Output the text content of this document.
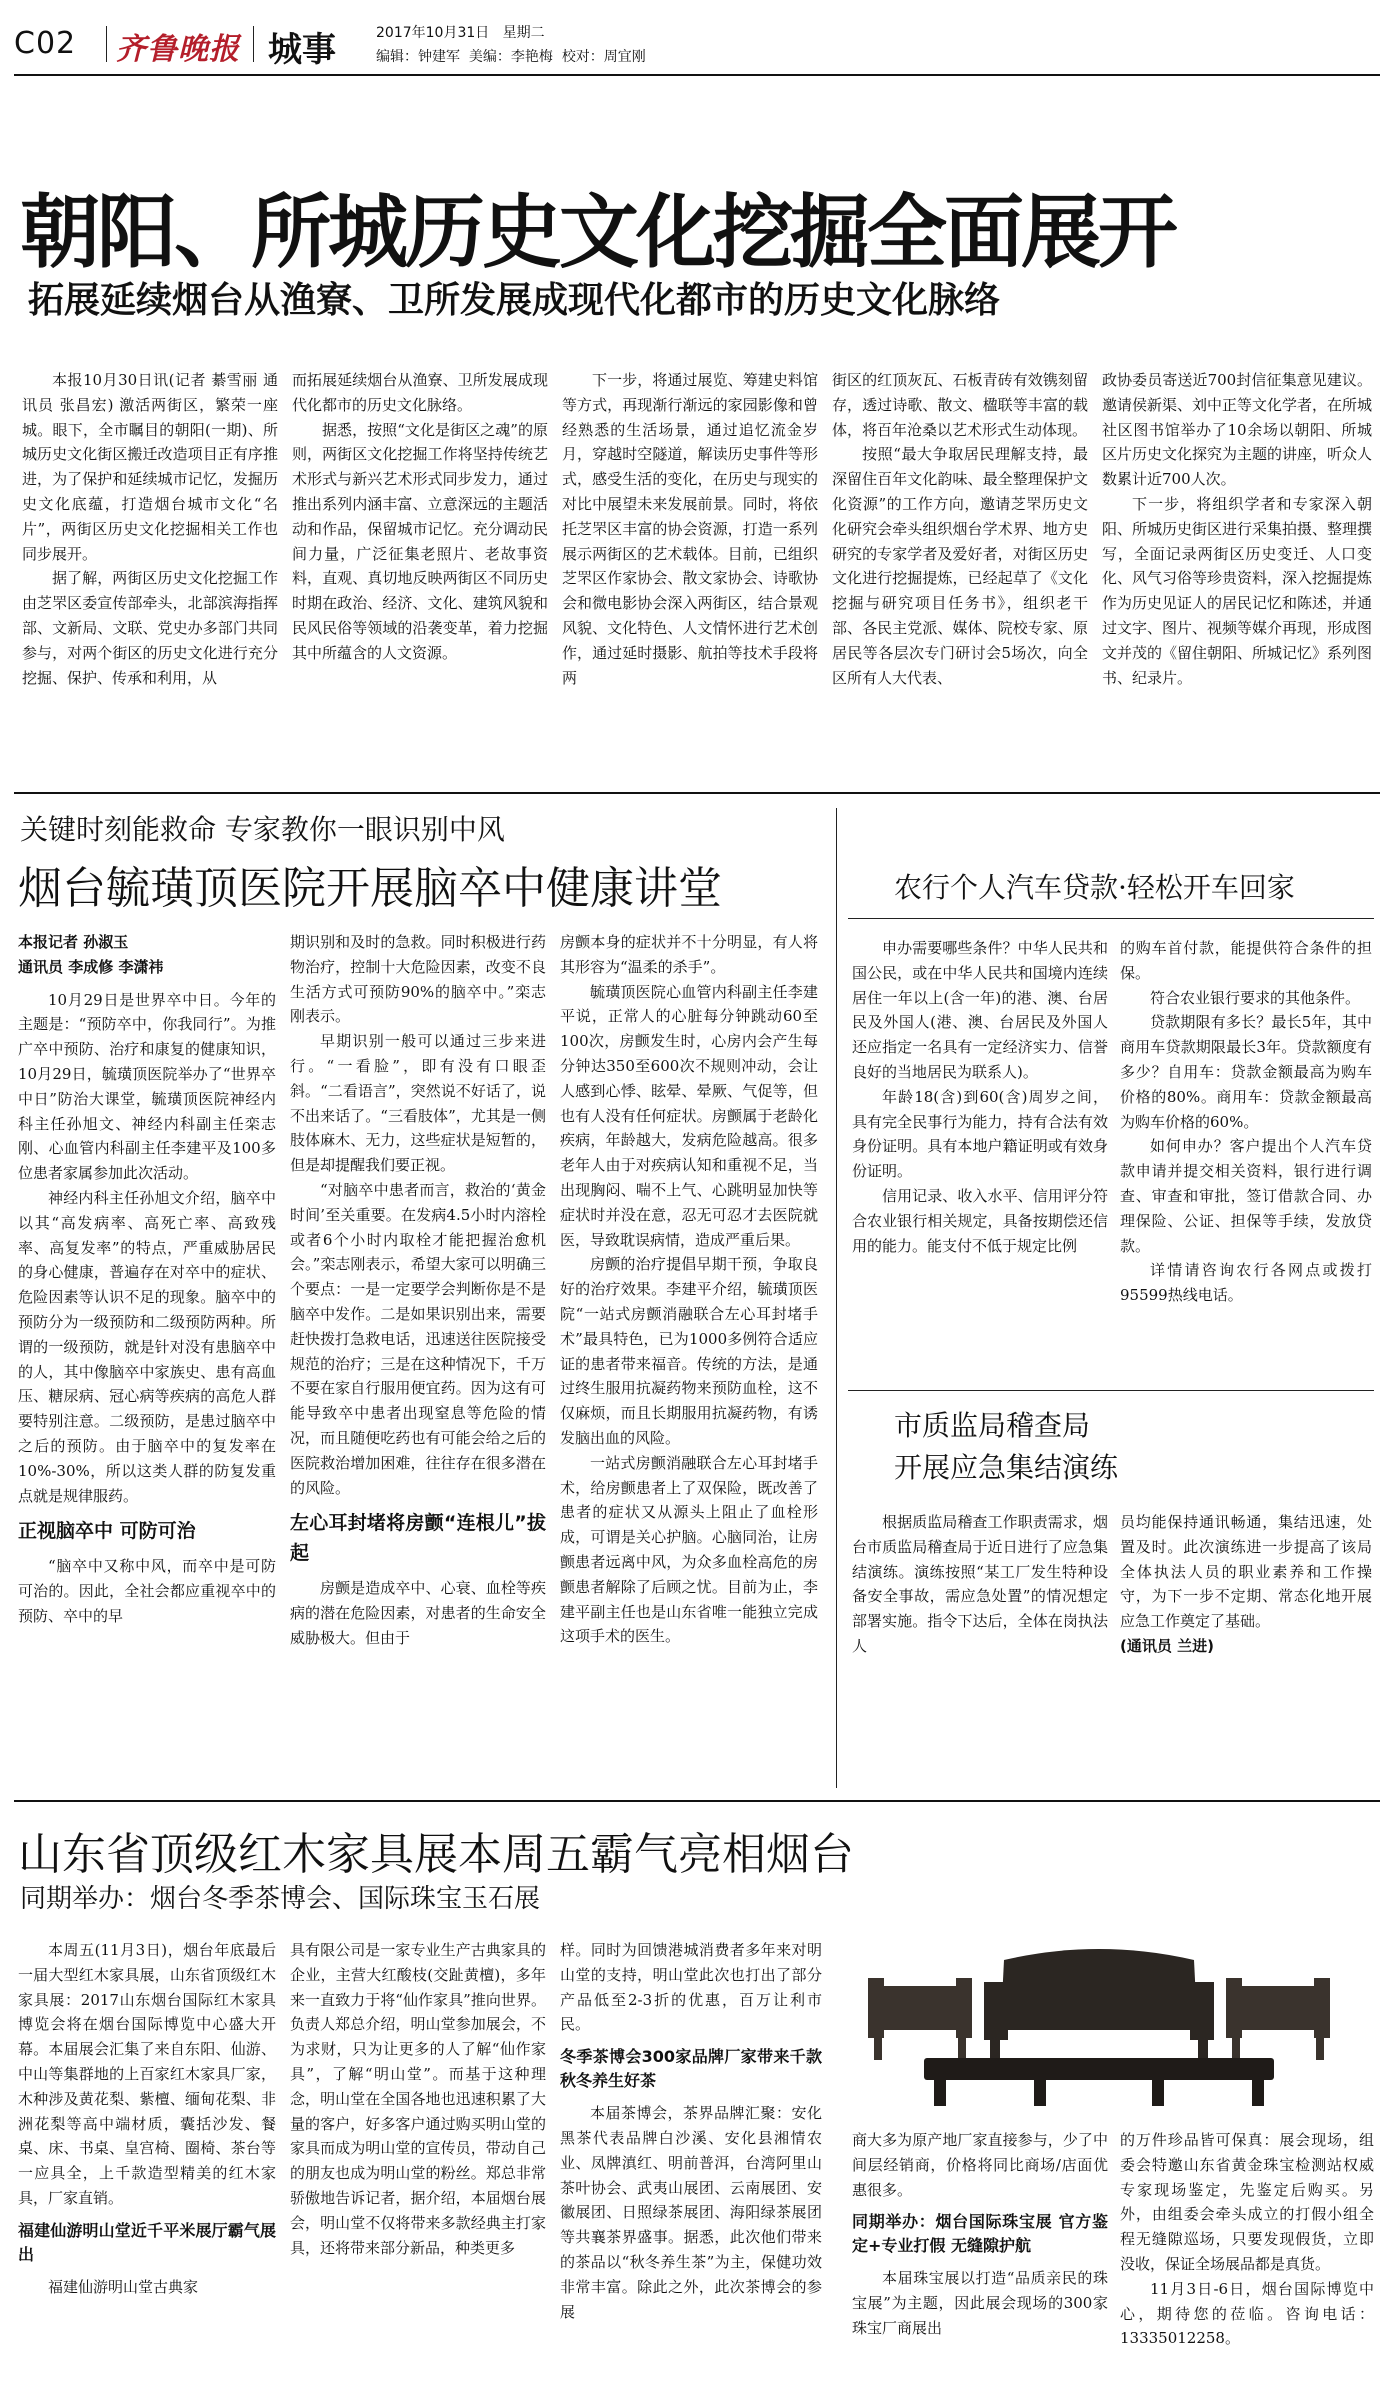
C02 齐鲁晚报 城事	2017年10月31日 星期二
编辑：钟建军 美编：李艳梅 校对：周宜刚
朝阳、所城历史文化挖掘全面展开
拓展延续烟台从渔寮、卫所发展成现代化都市的历史文化脉络

本报10月30日讯(记者 綦雪丽 通讯员 张昌宏) 激活两街区，繁荣一座城。眼下，全市瞩目的朝阳(一期)、所城历史文化街区搬迁改造项目正有序推进，为了保护和延续城市记忆，发掘历史文化底蕴，打造烟台城市文化“名片”，两街区历史文化挖掘相关工作也同步展开。

据了解，两街区历史文化挖掘工作由芝罘区委宣传部牵头，北部滨海指挥部、文新局、文联、党史办多部门共同参与，对两个街区的历史文化进行充分挖掘、保护、传承和利用，从

而拓展延续烟台从渔寮、卫所发展成现代化都市的历史文化脉络。

据悉，按照“文化是街区之魂”的原则，两街区文化挖掘工作将坚持传统艺术形式与新兴艺术形式同步发力，通过推出系列内涵丰富、立意深远的主题活动和作品，保留城市记忆。充分调动民间力量，广泛征集老照片、老故事资料，直观、真切地反映两街区不同历史时期在政治、经济、文化、建筑风貌和民风民俗等领域的沿袭变革，着力挖掘其中所蕴含的人文资源。

下一步，将通过展览、筹建史料馆等方式，再现渐行渐远的家园影像和曾经熟悉的生活场景，通过追忆流金岁月，穿越时空隧道，解读历史事件等形式，感受生活的变化，在历史与现实的对比中展望未来发展前景。同时，将依托芝罘区丰富的协会资源，打造一系列展示两街区的艺术载体。目前，已组织芝罘区作家协会、散文家协会、诗歌协会和微电影协会深入两街区，结合景观风貌、文化特色、人文情怀进行艺术创作，通过延时摄影、航拍等技术手段将两

街区的红顶灰瓦、石板青砖有效镌刻留存，透过诗歌、散文、楹联等丰富的载体，将百年沧桑以艺术形式生动体现。

按照“最大争取居民理解支持，最深留住百年文化韵味、最全整理保护文化资源”的工作方向，邀请芝罘历史文化研究会牵头组织烟台学术界、地方史研究的专家学者及爱好者，对街区历史文化进行挖掘提炼，已经起草了《文化挖掘与研究项目任务书》，组织老干部、各民主党派、媒体、院校专家、原居民等各层次专门研讨会5场次，向全区所有人大代表、

政协委员寄送近700封信征集意见建议。邀请侯新渠、刘中正等文化学者，在所城社区图书馆举办了10余场以朝阳、所城区片历史文化探究为主题的讲座，听众人数累计近700人次。

下一步，将组织学者和专家深入朝阳、所城历史街区进行采集拍摄、整理撰写，全面记录两街区历史变迁、人口变化、风气习俗等珍贵资料，深入挖掘提炼作为历史见证人的居民记忆和陈述，并通过文字、图片、视频等媒介再现，形成图文并茂的《留住朝阳、所城记忆》系列图书、纪录片。

关键时刻能救命 专家教你一眼识别中风
烟台毓璜顶医院开展脑卒中健康讲堂

本报记者 孙淑玉

通讯员 李成修 李潇祎

10月29日是世界卒中日。今年的主题是：“预防卒中，你我同行”。为推广卒中预防、治疗和康复的健康知识，10月29日，毓璜顶医院举办了“世界卒中日”防治大课堂，毓璜顶医院神经内科主任孙旭文、神经内科副主任栾志刚、心血管内科副主任李建平及100多位患者家属参加此次活动。

神经内科主任孙旭文介绍，脑卒中以其“高发病率、高死亡率、高致残率、高复发率”的特点，严重威胁居民的身心健康，普遍存在对卒中的症状、危险因素等认识不足的现象。脑卒中的预防分为一级预防和二级预防两种。所谓的一级预防，就是针对没有患脑卒中的人，其中像脑卒中家族史、患有高血压、糖尿病、冠心病等疾病的高危人群要特别注意。二级预防，是患过脑卒中之后的预防。由于脑卒中的复发率在10%-30%，所以这类人群的防复发重点就是规律服药。

正视脑卒中 可防可治

“脑卒中又称中风，而卒中是可防可治的。因此，全社会都应重视卒中的预防、卒中的早

期识别和及时的急救。同时积极进行药物治疗，控制十大危险因素，改变不良生活方式可预防90%的脑卒中。”栾志刚表示。

早期识别一般可以通过三步来进行。“一看脸”，即有没有口眼歪斜。“二看语言”，突然说不好话了，说不出来话了。“三看肢体”，尤其是一侧肢体麻木、无力，这些症状是短暂的，但是却提醒我们要正视。

“对脑卒中患者而言，救治的‘黄金时间’至关重要。在发病4.5小时内溶栓或者6个小时内取栓才能把握治愈机会。”栾志刚表示，希望大家可以明确三个要点：一是一定要学会判断你是不是脑卒中发作。二是如果识别出来，需要赶快拨打急救电话，迅速送往医院接受规范的治疗；三是在这种情况下，千万不要在家自行服用便宜药。因为这有可能导致卒中患者出现窒息等危险的情况，而且随便吃药也有可能会给之后的医院救治增加困难，往往存在很多潜在的风险。

左心耳封堵将房颤“连根儿”拔起

房颤是造成卒中、心衰、血栓等疾病的潜在危险因素，对患者的生命安全威胁极大。但由于

房颤本身的症状并不十分明显，有人将其形容为“温柔的杀手”。

毓璜顶医院心血管内科副主任李建平说，正常人的心脏每分钟跳动60至100次，房颤发生时，心房内会产生每分钟达350至600次不规则冲动，会让人感到心悸、眩晕、晕厥、气促等，但也有人没有任何症状。房颤属于老龄化疾病，年龄越大，发病危险越高。很多老年人由于对疾病认知和重视不足，当出现胸闷、喘不上气、心跳明显加快等症状时并没在意，忍无可忍才去医院就医，导致耽误病情，造成严重后果。

房颤的治疗提倡早期干预，争取良好的治疗效果。李建平介绍，毓璜顶医院“一站式房颤消融联合左心耳封堵手术”最具特色，已为1000多例符合适应证的患者带来福音。传统的方法，是通过终生服用抗凝药物来预防血栓，这不仅麻烦，而且长期服用抗凝药物，有诱发脑出血的风险。

一站式房颤消融联合左心耳封堵手术，给房颤患者上了双保险，既改善了患者的症状又从源头上阻止了血栓形成，可谓是关心护脑。心脑同治，让房颤患者远离中风，为众多血栓高危的房颤患者解除了后顾之忧。目前为止，李建平副主任也是山东省唯一能独立完成这项手术的医生。

农行个人汽车贷款·轻松开车回家

申办需要哪些条件？中华人民共和国公民，或在中华人民共和国境内连续居住一年以上(含一年)的港、澳、台居民及外国人(港、澳、台居民及外国人还应指定一名具有一定经济实力、信誉良好的当地居民为联系人)。

年龄18(含)到60(含)周岁之间，具有完全民事行为能力，持有合法有效身份证明。具有本地户籍证明或有效身份证明。

信用记录、收入水平、信用评分符合农业银行相关规定，具备按期偿还信用的能力。能支付不低于规定比例

的购车首付款，能提供符合条件的担保。

符合农业银行要求的其他条件。

贷款期限有多长？最长5年，其中商用车贷款期限最长3年。贷款额度有多少？自用车：贷款金额最高为购车价格的80%。商用车：贷款金额最高为购车价格的60%。

如何申办？客户提出个人汽车贷款申请并提交相关资料，银行进行调查、审查和审批，签订借款合同、办理保险、公证、担保等手续，发放贷款。

详情请咨询农行各网点或拨打95599热线电话。

市质监局稽查局
开展应急集结演练

根据质监局稽查工作职责需求，烟台市质监局稽查局于近日进行了应急集结演练。演练按照“某工厂发生特种设备安全事故，需应急处置”的情况想定部署实施。指令下达后，全体在岗执法人

员均能保持通讯畅通，集结迅速，处置及时。此次演练进一步提高了该局全体执法人员的职业素养和工作操守，为下一步不定期、常态化地开展应急工作奠定了基础。

(通讯员 兰进)

山东省顶级红木家具展本周五霸气亮相烟台
同期举办：烟台冬季茶博会、国际珠宝玉石展

本周五(11月3日)，烟台年底最后一届大型红木家具展，山东省顶级红木家具展：2017山东烟台国际红木家具博览会将在烟台国际博览中心盛大开幕。本届展会汇集了来自东阳、仙游、中山等集群地的上百家红木家具厂家，木种涉及黄花梨、紫檀、缅甸花梨、非洲花梨等高中端材质，囊括沙发、餐桌、床、书桌、皇宫椅、圈椅、茶台等一应具全，上千款造型精美的红木家具，厂家直销。

福建仙游明山堂近千平米展厅霸气展出

福建仙游明山堂古典家

具有限公司是一家专业生产古典家具的企业，主营大红酸枝(交趾黄檀)，多年来一直致力于将“仙作家具”推向世界。负责人郑总介绍，明山堂参加展会，不为求财，只为让更多的人了解“仙作家具”，了解“明山堂”。而基于这种理念，明山堂在全国各地也迅速积累了大量的客户，好多客户通过购买明山堂的家具而成为明山堂的宣传员，带动自己的朋友也成为明山堂的粉丝。郑总非常骄傲地告诉记者，据介绍，本届烟台展会，明山堂不仅将带来多款经典主打家具，还将带来部分新品，种类更多

样。同时为回馈港城消费者多年来对明山堂的支持，明山堂此次也打出了部分产品低至2-3折的优惠，百万让利市民。

冬季茶博会300家品牌厂家带来千款秋冬养生好茶

本届茶博会，茶界品牌汇聚：安化黑茶代表品牌白沙溪、安化县湘情农业、凤牌滇红、明前普洱，台湾阿里山茶叶协会、武夷山展团、云南展团、安徽展团、日照绿茶展团、海阳绿茶展团等共襄茶界盛事。据悉，此次他们带来的茶品以“秋冬养生茶”为主，保健功效非常丰富。除此之外，此次茶博会的参展

商大多为原产地厂家直接参与，少了中间层经销商，价格将同比商场/店面优惠很多。

同期举办：烟台国际珠宝展 官方鉴定+专业打假 无缝隙护航

本届珠宝展以打造“品质亲民的珠宝展”为主题，因此展会现场的300家珠宝厂商展出

的万件珍品皆可保真：展会现场，组委会特邀山东省黄金珠宝检测站权威专家现场鉴定，先鉴定后购买。另外，由组委会牵头成立的打假小组全程无缝隙巡场，只要发现假货，立即没收，保证全场展品都是真货。

11月3日-6日，烟台国际博览中心，期待您的莅临。咨询电话：13335012258。
